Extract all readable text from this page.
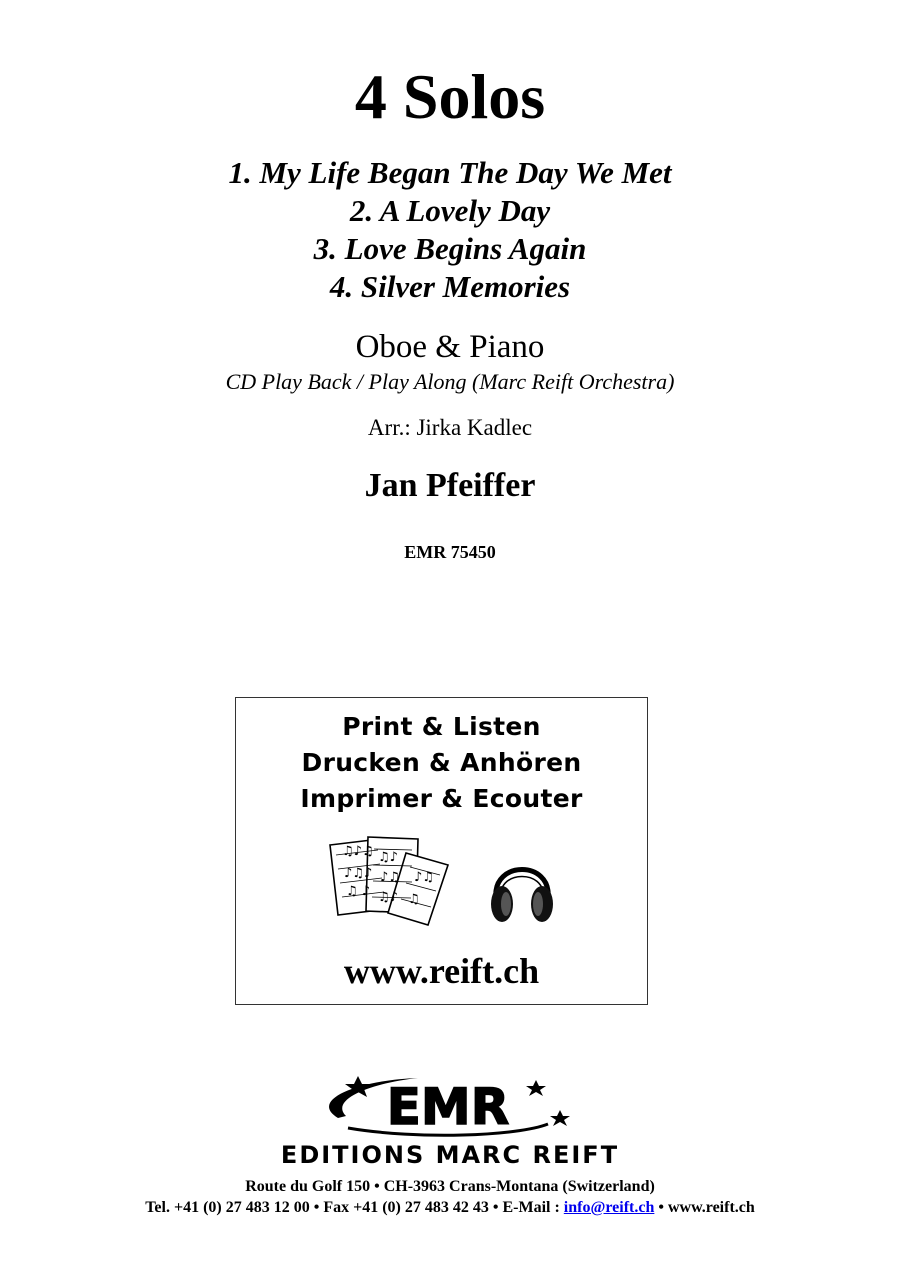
4 Solos
1. My Life Began The Day We Met
2. A Lovely Day
3. Love Begins Again
4. Silver Memories
Oboe & Piano
CD Play Back / Play Along (Marc Reift Orchestra)
Arr.: Jirka Kadlec
Jan Pfeiffer
EMR 75450
Print & Listen
Drucken & Anhören
Imprimer & Ecouter
♫♪♫
♪♫♪
♫ ♪
♫♪
♪♫
♫♪
♪♫
♫
www.reift.ch
EMR
EDITIONS MARC REIFT
Route du Golf 150 • CH-3963 Crans-Montana (Switzerland)
Tel. +41 (0) 27 483 12 00 • Fax +41 (0) 27 483 42 43 • E-Mail : info@reift.ch • www.reift.ch
